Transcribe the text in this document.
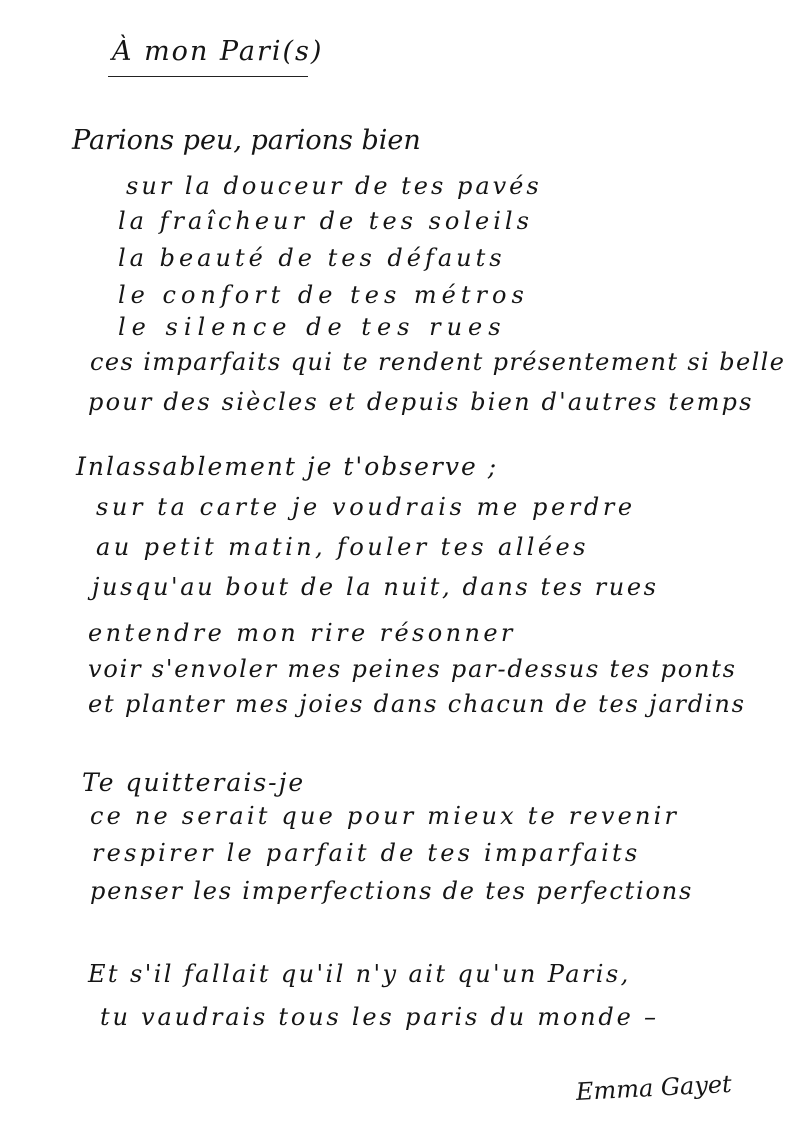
À mon Pari(s)
Parions peu, parions bien
sur la douceur de tes pavés
la fraîcheur de tes soleils
la beauté de tes défauts
le confort de tes métros
le silence de tes rues
ces imparfaits qui te rendent présentement si belle
pour des siècles et depuis bien d'autres temps
Inlassablement je t'observe ;
sur ta carte je voudrais me perdre
au petit matin, fouler tes allées
jusqu'au bout de la nuit, dans tes rues
entendre mon rire résonner
voir s'envoler mes peines par-dessus tes ponts
et planter mes joies dans chacun de tes jardins
Te quitterais-je
ce ne serait que pour mieux te revenir
respirer le parfait de tes imparfaits
penser les imperfections de tes perfections
Et s'il fallait qu'il n'y ait qu'un Paris,
tu vaudrais tous les paris du monde –
Emma Gayet
